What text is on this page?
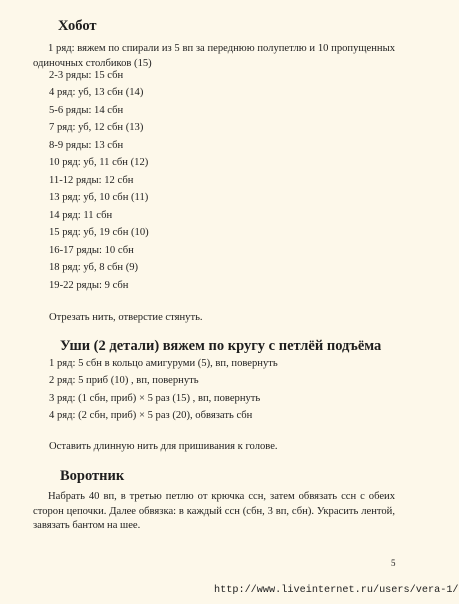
Хобот

1 ряд: вяжем по спирали из 5 вп за переднюю полупетлю и 10 пропущенных одиночных столбиков (15)

2-3 ряды: 15 сбн

4 ряд: уб, 13 сбн (14)

5-6 ряды: 14 сбн

7 ряд: уб, 12 сбн (13)

8-9 ряды: 13 сбн

10 ряд: уб, 11 сбн (12)

11-12 ряды: 12 сбн

13 ряд: уб, 10 сбн (11)

14 ряд: 11 сбн

15 ряд: уб, 19 сбн (10)

16-17 ряды: 10 сбн

18 ряд: уб, 8 сбн (9)

19-22 ряды: 9 сбн

Отрезать нить, отверстие стянуть.

Уши (2 детали) вяжем по кругу с петлёй подъёма

1 ряд: 5 сбн в кольцо амигуруми (5), вп, повернуть

2 ряд: 5 приб (10) , вп, повернуть

3 ряд: (1 сбн, приб) × 5 раз (15) , вп, повернуть

4 ряд: (2 сбн, приб) × 5 раз (20), обвязать сбн

Оставить длинную нить для пришивания к голове.

Воротник

Набрать 40 вп, в третью петлю от крючка ссн, затем обвязать ссн с обеих сторон цепочки. Далее обвязка: в каждый ссн (сбн, 3 вп, сбн). Украсить лентой, завязать бантом на шее.

5
http://www.liveinternet.ru/users/vera-1/
